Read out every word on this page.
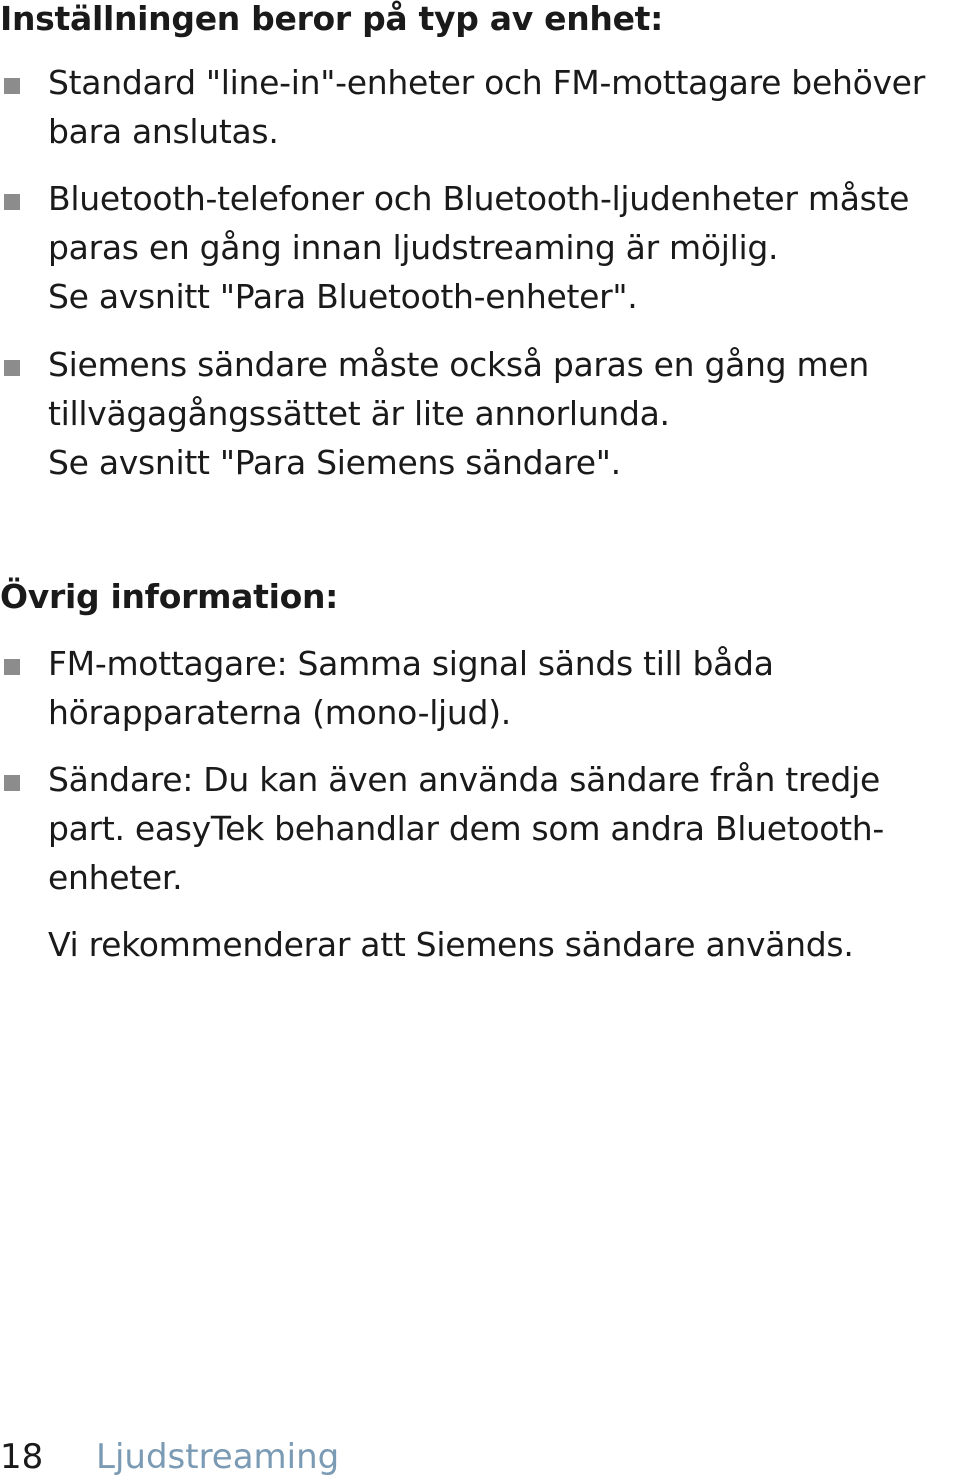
Inställningen beror på typ av enhet:
Standard "line-in"-enheter och FM-mottagare behöver
bara anslutas.
Bluetooth-telefoner och Bluetooth-ljudenheter måste
paras en gång innan ljudstreaming är möjlig.
Se avsnitt "Para Bluetooth-enheter".
Siemens sändare måste också paras en gång men
tillvägagångssättet är lite annorlunda.
Se avsnitt "Para Siemens sändare".
Övrig information:
FM-mottagare: Samma signal sänds till båda
hörapparaterna (mono-ljud).
Sändare: Du kan även använda sändare från tredje
part. easyTek behandlar dem som andra Bluetooth-
enheter.

Vi rekommenderar att Siemens sändare används.

18 Ljudstreaming
